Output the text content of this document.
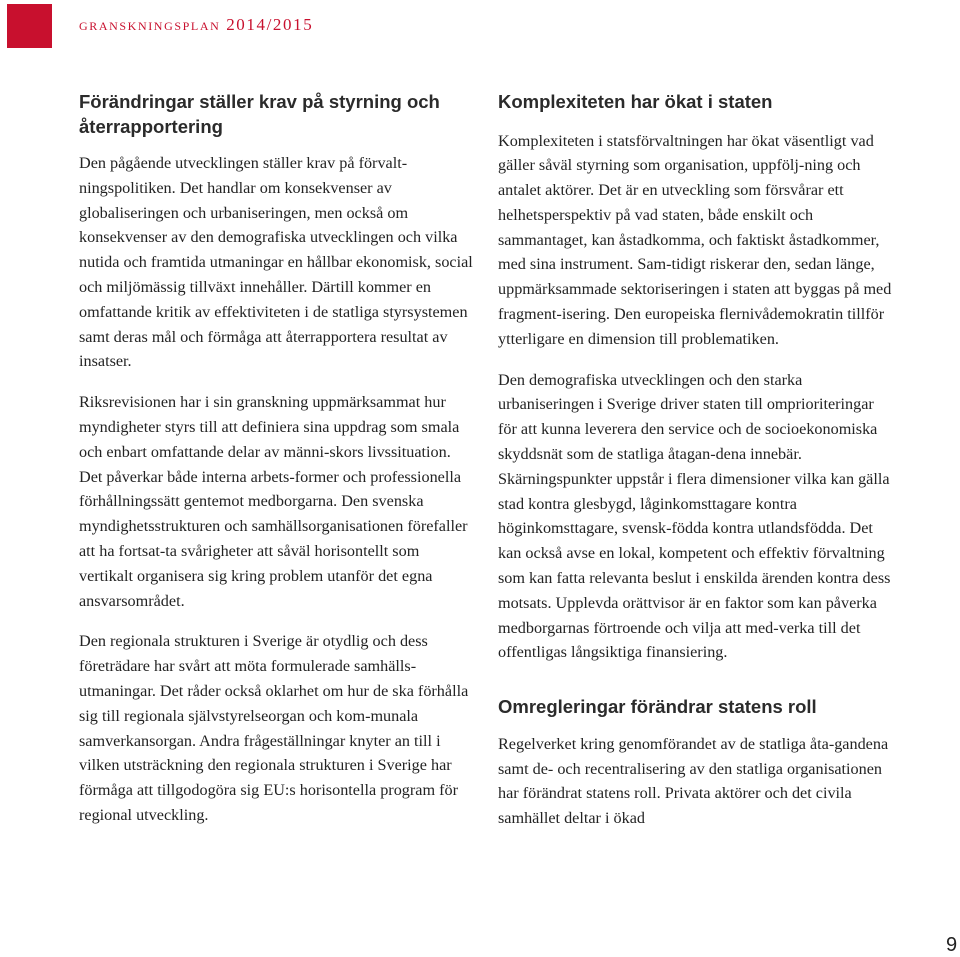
granskningsplan 2014/2015
Förändringar ställer krav på styrning och återrapportering

Den pågående utvecklingen ställer krav på förvalt-ningspolitiken. Det handlar om konsekvenser av globaliseringen och urbaniseringen, men också om konsekvenser av den demografiska utvecklingen och vilka nutida och framtida utmaningar en hållbar ekonomisk, social och miljömässig tillväxt innehåller. Därtill kommer en omfattande kritik av effektiviteten i de statliga styrsystemen samt deras mål och förmåga att återrapportera resultat av insatser.

Riksrevisionen har i sin granskning uppmärksammat hur myndigheter styrs till att definiera sina uppdrag som smala och enbart omfattande delar av männi-skors livssituation. Det påverkar både interna arbets-former och professionella förhållningssätt gentemot medborgarna. Den svenska myndighetsstrukturen och samhällsorganisationen förefaller att ha fortsat-ta svårigheter att såväl horisontellt som vertikalt organisera sig kring problem utanför det egna ansvarsområdet.

Den regionala strukturen i Sverige är otydlig och dess företrädare har svårt att möta formulerade samhälls-utmaningar. Det råder också oklarhet om hur de ska förhålla sig till regionala självstyrelseorgan och kom-munala samverkansorgan. Andra frågeställningar knyter an till i vilken utsträckning den regionala strukturen i Sverige har förmåga att tillgodogöra sig EU:s horisontella program för regional utveckling.

Komplexiteten har ökat i staten

Komplexiteten i statsförvaltningen har ökat väsentligt vad gäller såväl styrning som organisation, uppfölj-ning och antalet aktörer. Det är en utveckling som försvårar ett helhetsperspektiv på vad staten, både enskilt och sammantaget, kan åstadkomma, och faktiskt åstadkommer, med sina instrument. Sam-tidigt riskerar den, sedan länge, uppmärksammade sektoriseringen i staten att byggas på med fragment-isering. Den europeiska flernivådemokratin tillför ytterligare en dimension till problematiken.

Den demografiska utvecklingen och den starka urbaniseringen i Sverige driver staten till omprioriteringar för att kunna leverera den service och de socioekonomiska skyddsnät som de statliga åtagan-dena innebär. Skärningspunkter uppstår i flera dimensioner vilka kan gälla stad kontra glesbygd, låginkomsttagare kontra höginkomsttagare, svensk-födda kontra utlandsfödda. Det kan också avse en lokal, kompetent och effektiv förvaltning som kan fatta relevanta beslut i enskilda ärenden kontra dess motsats. Upplevda orättvisor är en faktor som kan påverka medborgarnas förtroende och vilja att med-verka till det offentligas långsiktiga finansiering.

Omregleringar förändrar statens roll

Regelverket kring genomförandet av de statliga åta-gandena samt de- och recentralisering av den statliga organisationen har förändrat statens roll. Privata aktörer och det civila samhället deltar i ökad

9
